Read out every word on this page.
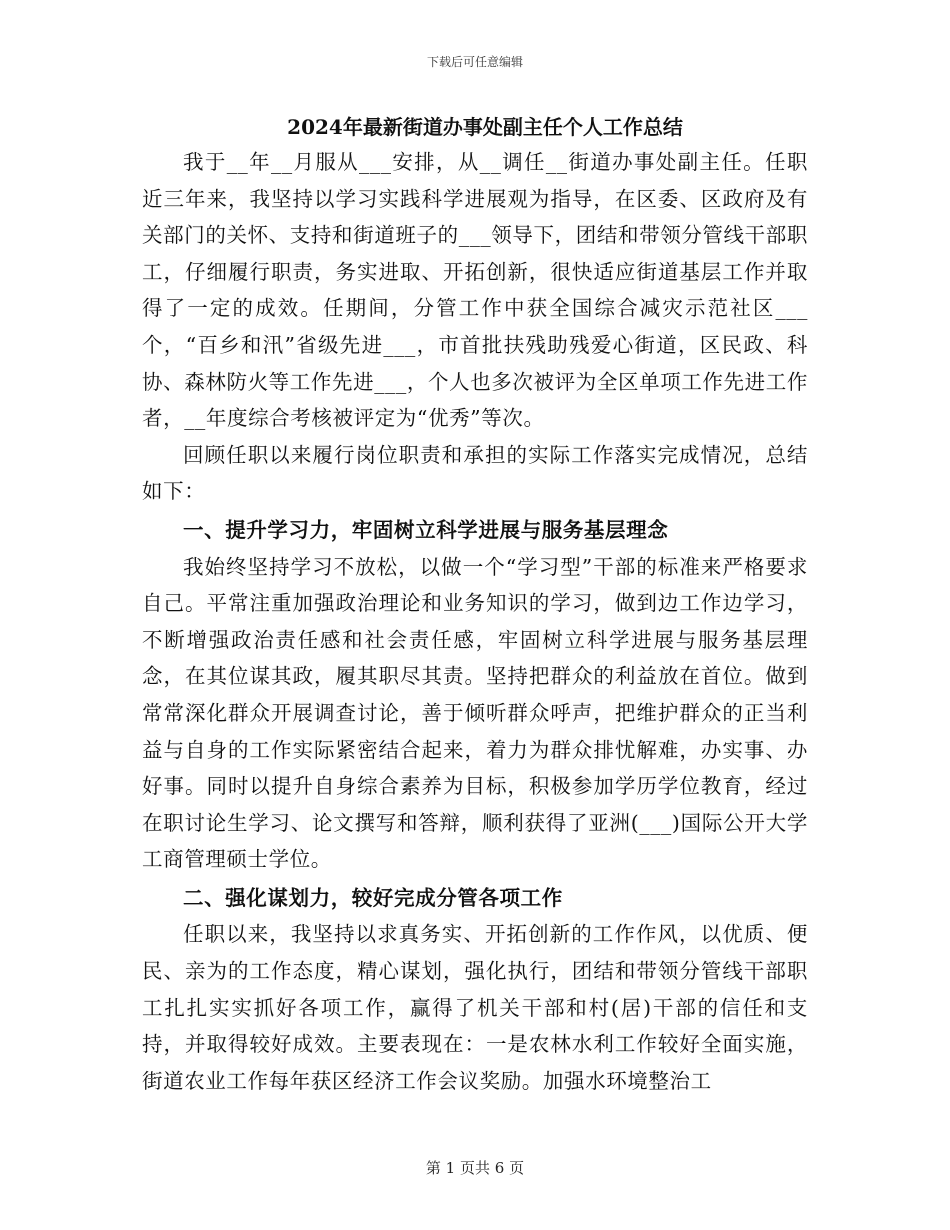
下载后可任意编辑
2024年最新街道办事处副主任个人工作总结

我于__年__月服从___安排，从__调任__街道办事处副主任。任职近三年来，我坚持以学习实践科学进展观为指导，在区委、区政府及有关部门的关怀、支持和街道班子的___领导下，团结和带领分管线干部职工，仔细履行职责，务实进取、开拓创新，很快适应街道基层工作并取得了一定的成效。任期间，分管工作中获全国综合减灾示范社区___个，“百乡和汛”省级先进___，市首批扶残助残爱心街道，区民政、科协、森林防火等工作先进___，个人也多次被评为全区单项工作先进工作者，__年度综合考核被评定为“优秀”等次。

回顾任职以来履行岗位职责和承担的实际工作落实完成情况，总结如下：

一、提升学习力，牢固树立科学进展与服务基层理念

我始终坚持学习不放松，以做一个“学习型”干部的标准来严格要求自己。平常注重加强政治理论和业务知识的学习，做到边工作边学习，不断增强政治责任感和社会责任感，牢固树立科学进展与服务基层理念，在其位谋其政，履其职尽其责。坚持把群众的利益放在首位。做到常常深化群众开展调查讨论，善于倾听群众呼声，把维护群众的正当利益与自身的工作实际紧密结合起来，着力为群众排忧解难，办实事、办好事。同时以提升自身综合素养为目标，积极参加学历学位教育，经过在职讨论生学习、论文撰写和答辩，顺利获得了亚洲(___)国际公开大学工商管理硕士学位。

二、强化谋划力，较好完成分管各项工作

任职以来，我坚持以求真务实、开拓创新的工作作风，以优质、便民、亲为的工作态度，精心谋划，强化执行，团结和带领分管线干部职工扎扎实实抓好各项工作，赢得了机关干部和村(居)干部的信任和支持，并取得较好成效。主要表现在：一是农林水利工作较好全面实施，街道农业工作每年获区经济工作会议奖励。加强水环境整治工

第 1 页共 6 页
